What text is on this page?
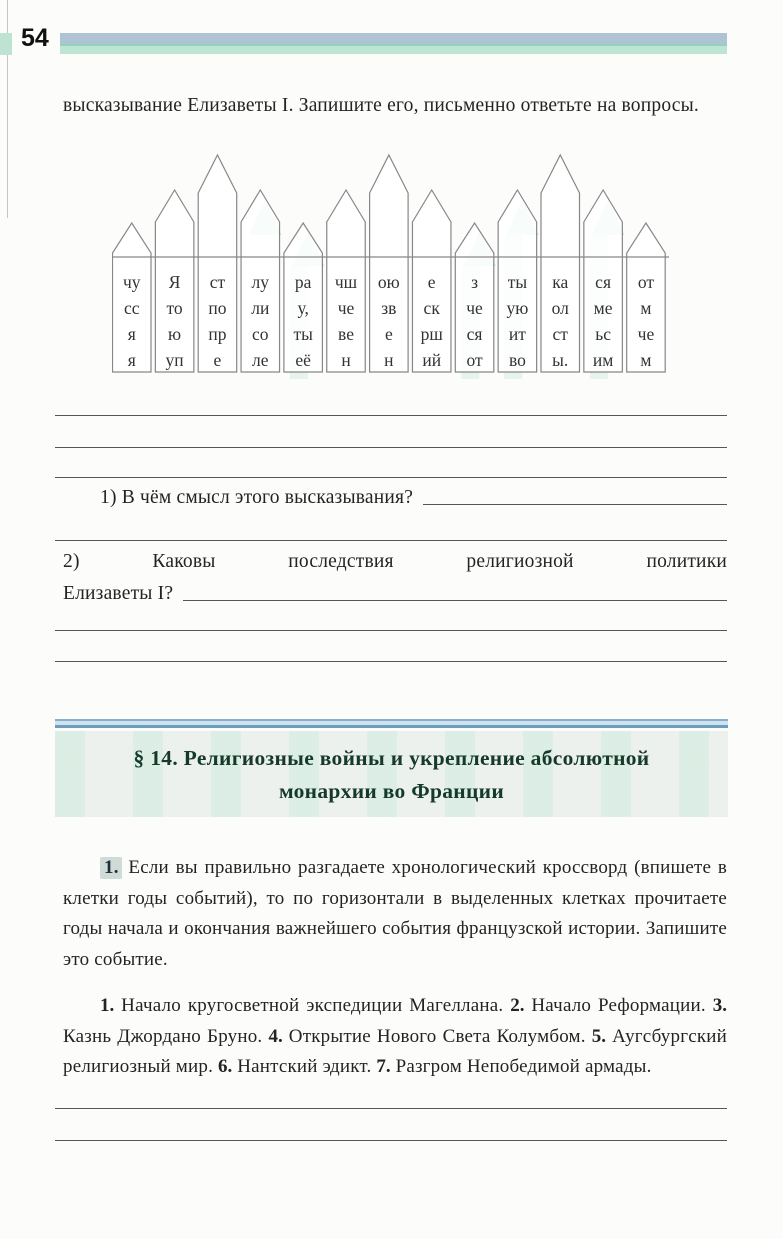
54

высказывание Елизаветы I. Запишите его, письменно ответьте на вопросы.

чу
сс
я
я
Я
то
ю
уп
ст
по
пр
е
лу
ли
со
ле
ра
у,
ты
её
чш
че
ве
н
ою
зв
е
н
е
ск
рш
ий
з
че
ся
от
ты
ую
ит
во
ка
ол
ст
ы.
ся
ме
ьс
им
от
м
че
м
1) В чём смысл этого высказывания?
2) Каковы последствия религиозной политики
Елизаветы I?
§ 14. Религиозные войны и укрепление абсолютной монархии во Франции

1. Если вы правильно разгадаете хронологический кроссворд (впишете в клетки годы событий), то по горизонтали в выделенных клетках прочитаете годы начала и окончания важнейшего события французской истории. Запишите это событие.

1. Начало кругосветной экспедиции Магеллана. 2. Начало Реформации. 3. Казнь Джордано Бруно. 4. Открытие Нового Света Колумбом. 5. Аугсбургский религиозный мир. 6. Нантский эдикт. 7. Разгром Непобедимой армады.
